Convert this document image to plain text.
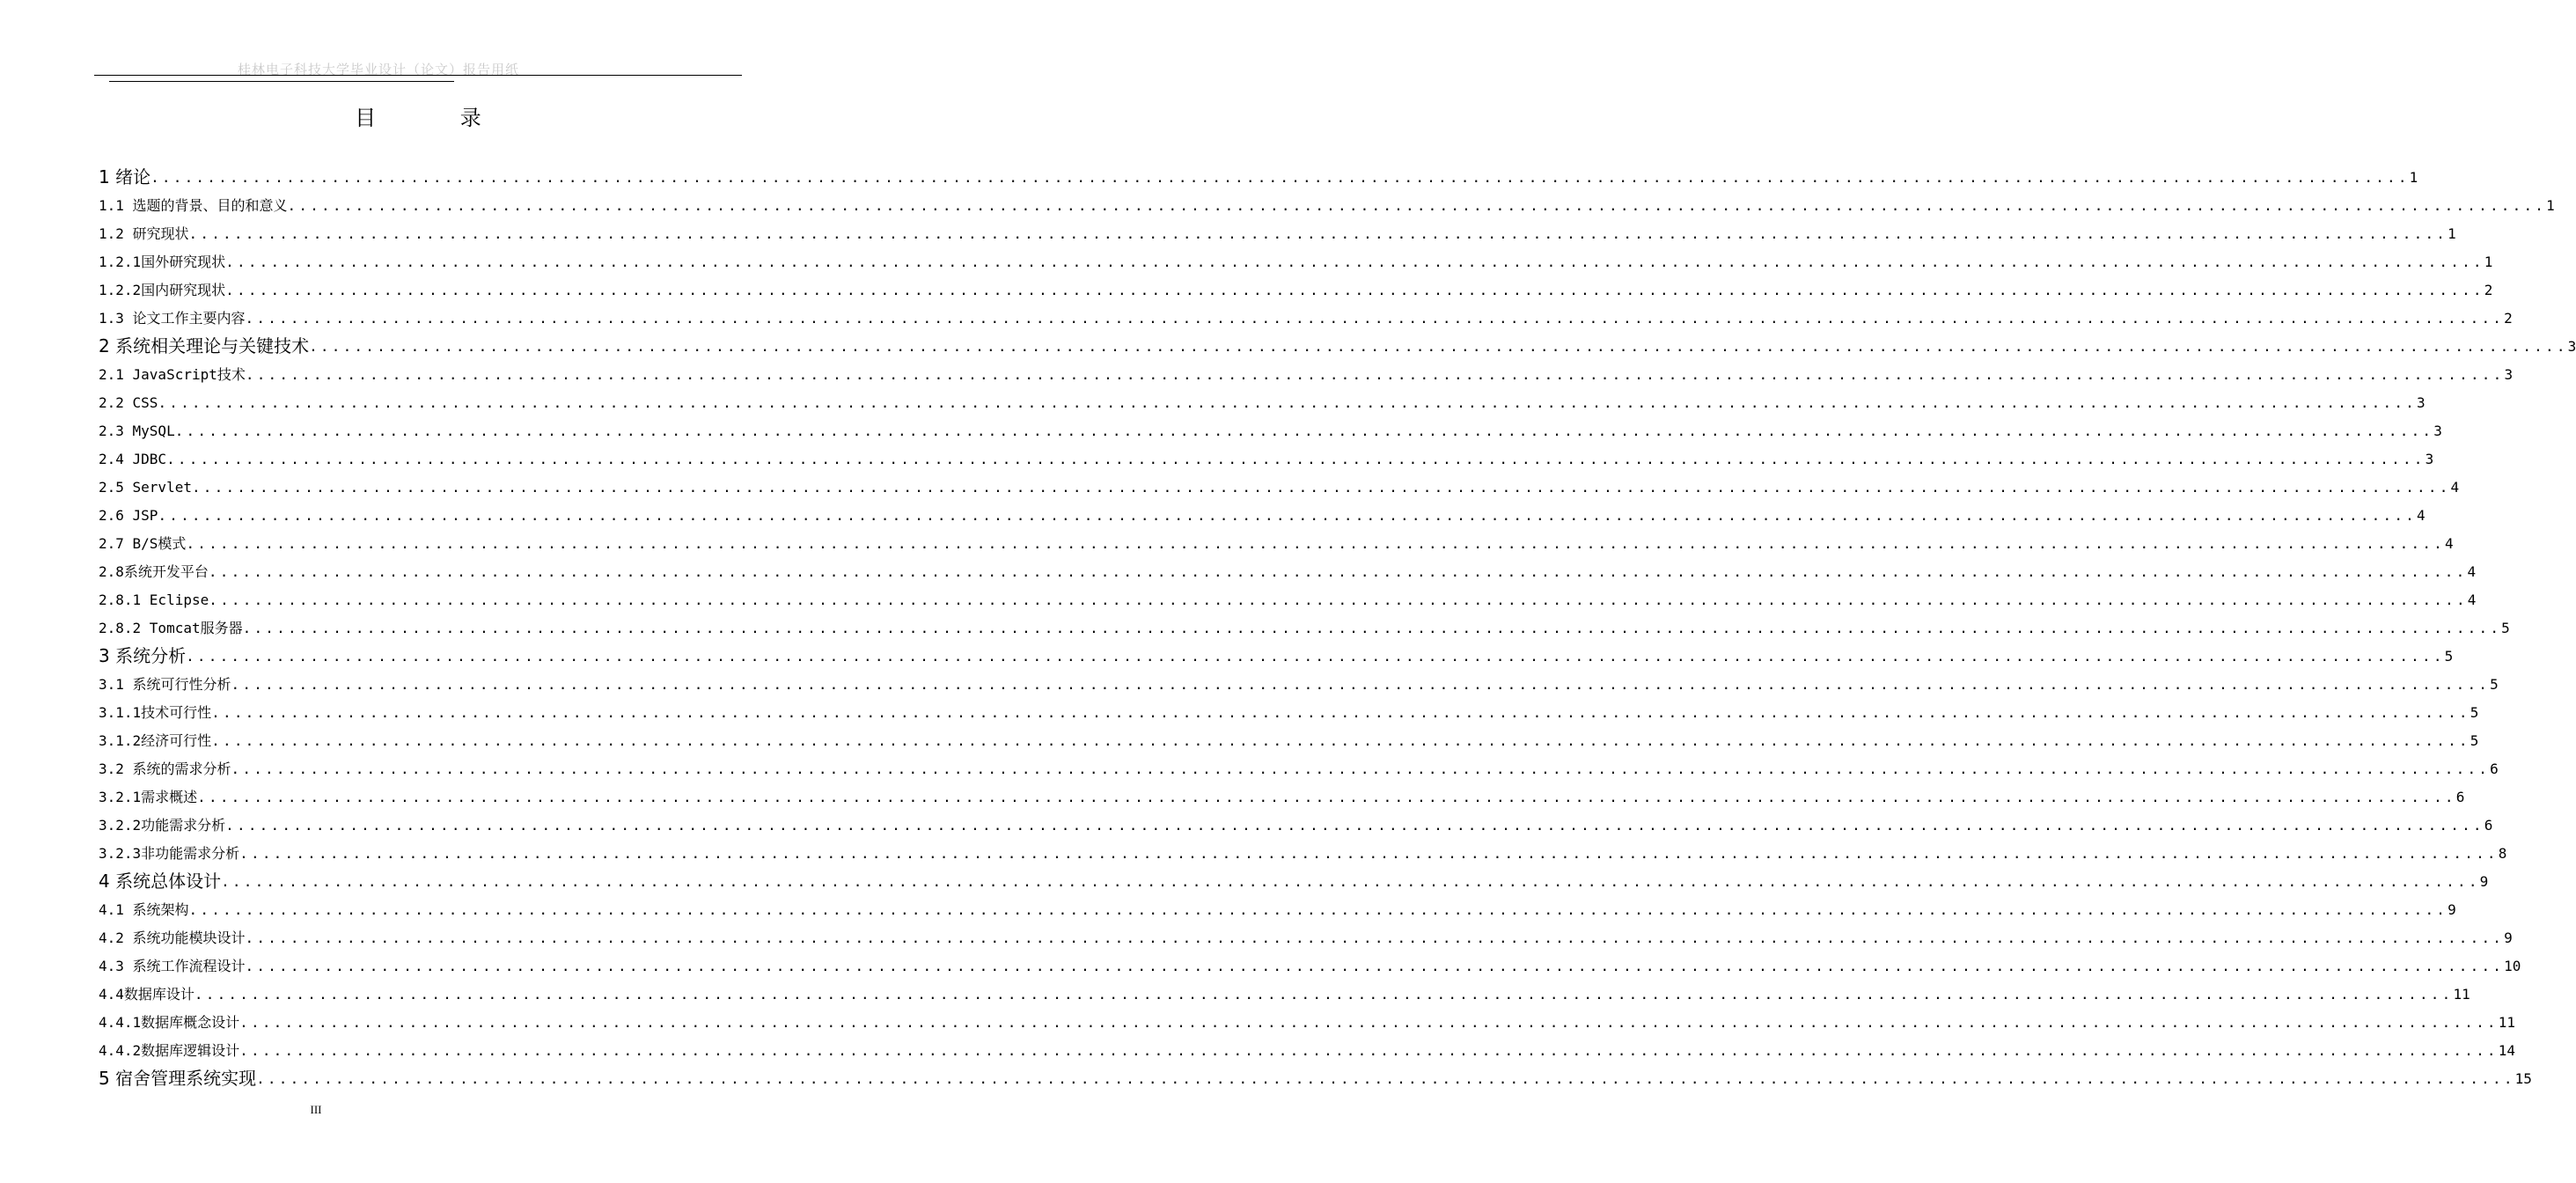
桂林电子科技大学毕业设计（论文）报告用纸
目 录
1 绪论 ........................................................................................................................................................................................................ 1
1.1 选题的背景、目的和意义 ........................................................................................................................................................................................................ 1
1.2 研究现状 ........................................................................................................................................................................................................ 1
1.2.1国外研究现状 ........................................................................................................................................................................................................ 1
1.2.2国内研究现状 ........................................................................................................................................................................................................ 2
1.3 论文工作主要内容 ........................................................................................................................................................................................................ 2
2 系统相关理论与关键技术 ........................................................................................................................................................................................................ 3
2.1 JavaScript技术 ........................................................................................................................................................................................................ 3
2.2 CSS ........................................................................................................................................................................................................ 3
2.3 MySQL ........................................................................................................................................................................................................ 3
2.4 JDBC ........................................................................................................................................................................................................ 3
2.5 Servlet ........................................................................................................................................................................................................ 4
2.6 JSP ........................................................................................................................................................................................................ 4
2.7 B/S模式 ........................................................................................................................................................................................................ 4
2.8系统开发平台 ........................................................................................................................................................................................................ 4
2.8.1 Eclipse ........................................................................................................................................................................................................ 4
2.8.2 Tomcat服务器 ........................................................................................................................................................................................................ 5
3 系统分析 ........................................................................................................................................................................................................ 5
3.1 系统可行性分析 ........................................................................................................................................................................................................ 5
3.1.1技术可行性 ........................................................................................................................................................................................................ 5
3.1.2经济可行性 ........................................................................................................................................................................................................ 5
3.2 系统的需求分析 ........................................................................................................................................................................................................ 6
3.2.1需求概述 ........................................................................................................................................................................................................ 6
3.2.2功能需求分析 ........................................................................................................................................................................................................ 6
3.2.3非功能需求分析 ........................................................................................................................................................................................................ 8
4 系统总体设计 ........................................................................................................................................................................................................ 9
4.1 系统架构 ........................................................................................................................................................................................................ 9
4.2 系统功能模块设计 ........................................................................................................................................................................................................ 9
4.3 系统工作流程设计 ........................................................................................................................................................................................................ 10
4.4数据库设计 ........................................................................................................................................................................................................ 11
4.4.1数据库概念设计 ........................................................................................................................................................................................................ 11
4.4.2数据库逻辑设计 ........................................................................................................................................................................................................ 14
5 宿舍管理系统实现 ........................................................................................................................................................................................................ 15
III
